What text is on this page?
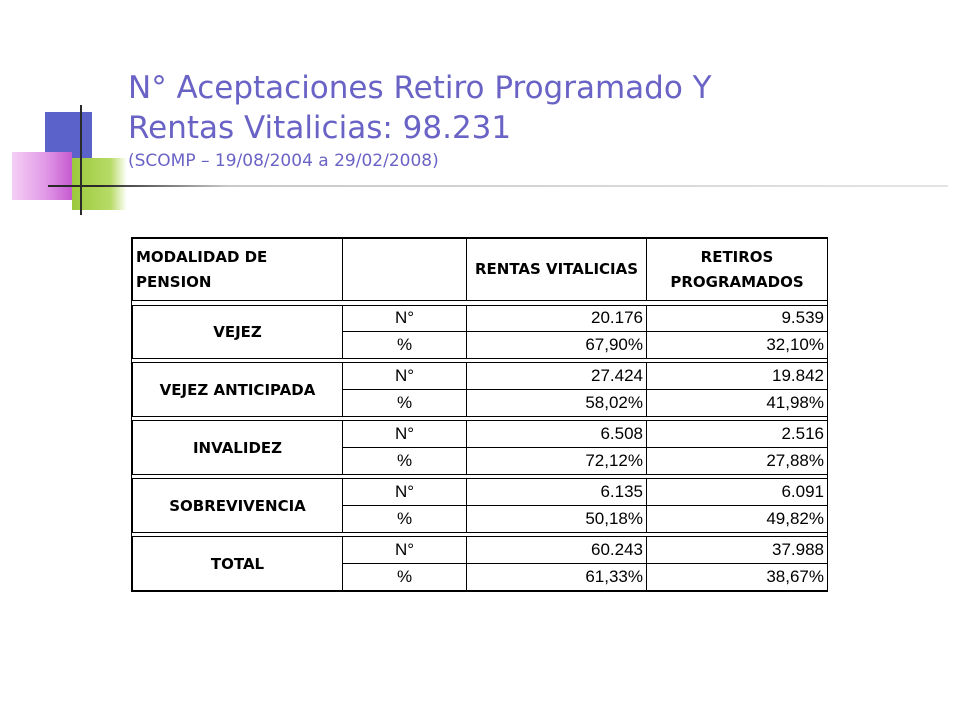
N° Aceptaciones Retiro Programado Y
Rentas Vitalicias: 98.231
(SCOMP – 19/08/2004 a 29/02/2008)
MODALIDAD DE PENSION		RENTAS VITALICIAS	RETIROS PROGRAMADOS

VEJEZ	N°	20.176	9.539
	%	67,90%	32,10%

VEJEZ ANTICIPADA	N°	27.424	19.842
	%	58,02%	41,98%

INVALIDEZ	N°	6.508	2.516
	%	72,12%	27,88%

SOBREVIVENCIA	N°	6.135	6.091
	%	50,18%	49,82%

TOTAL	N°	60.243	37.988
	%	61,33%	38,67%
